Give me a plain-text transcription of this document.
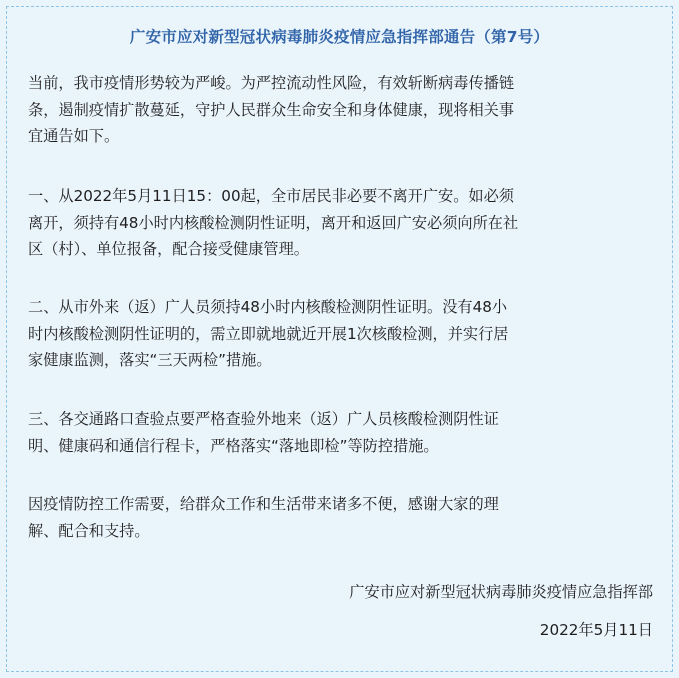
广安市应对新型冠状病毒肺炎疫情应急指挥部通告（第7号）
当前，我市疫情形势较为严峻。为严控流动性风险，有效斩断病毒传播链
条，遏制疫情扩散蔓延，守护人民群众生命安全和身体健康，现将相关事
宜通告如下。
一、从2022年5月11日15：00起，全市居民非必要不离开广安。如必须
离开，须持有48小时内核酸检测阴性证明，离开和返回广安必须向所在社
区（村）、单位报备，配合接受健康管理。
二、从市外来（返）广人员须持48小时内核酸检测阴性证明。没有48小
时内核酸检测阴性证明的，需立即就地就近开展1次核酸检测，并实行居
家健康监测，落实“三天两检”措施。
三、各交通路口查验点要严格查验外地来（返）广人员核酸检测阴性证
明、健康码和通信行程卡，严格落实“落地即检”等防控措施。
因疫情防控工作需要，给群众工作和生活带来诸多不便，感谢大家的理
解、配合和支持。
广安市应对新型冠状病毒肺炎疫情应急指挥部
2022年5月11日
